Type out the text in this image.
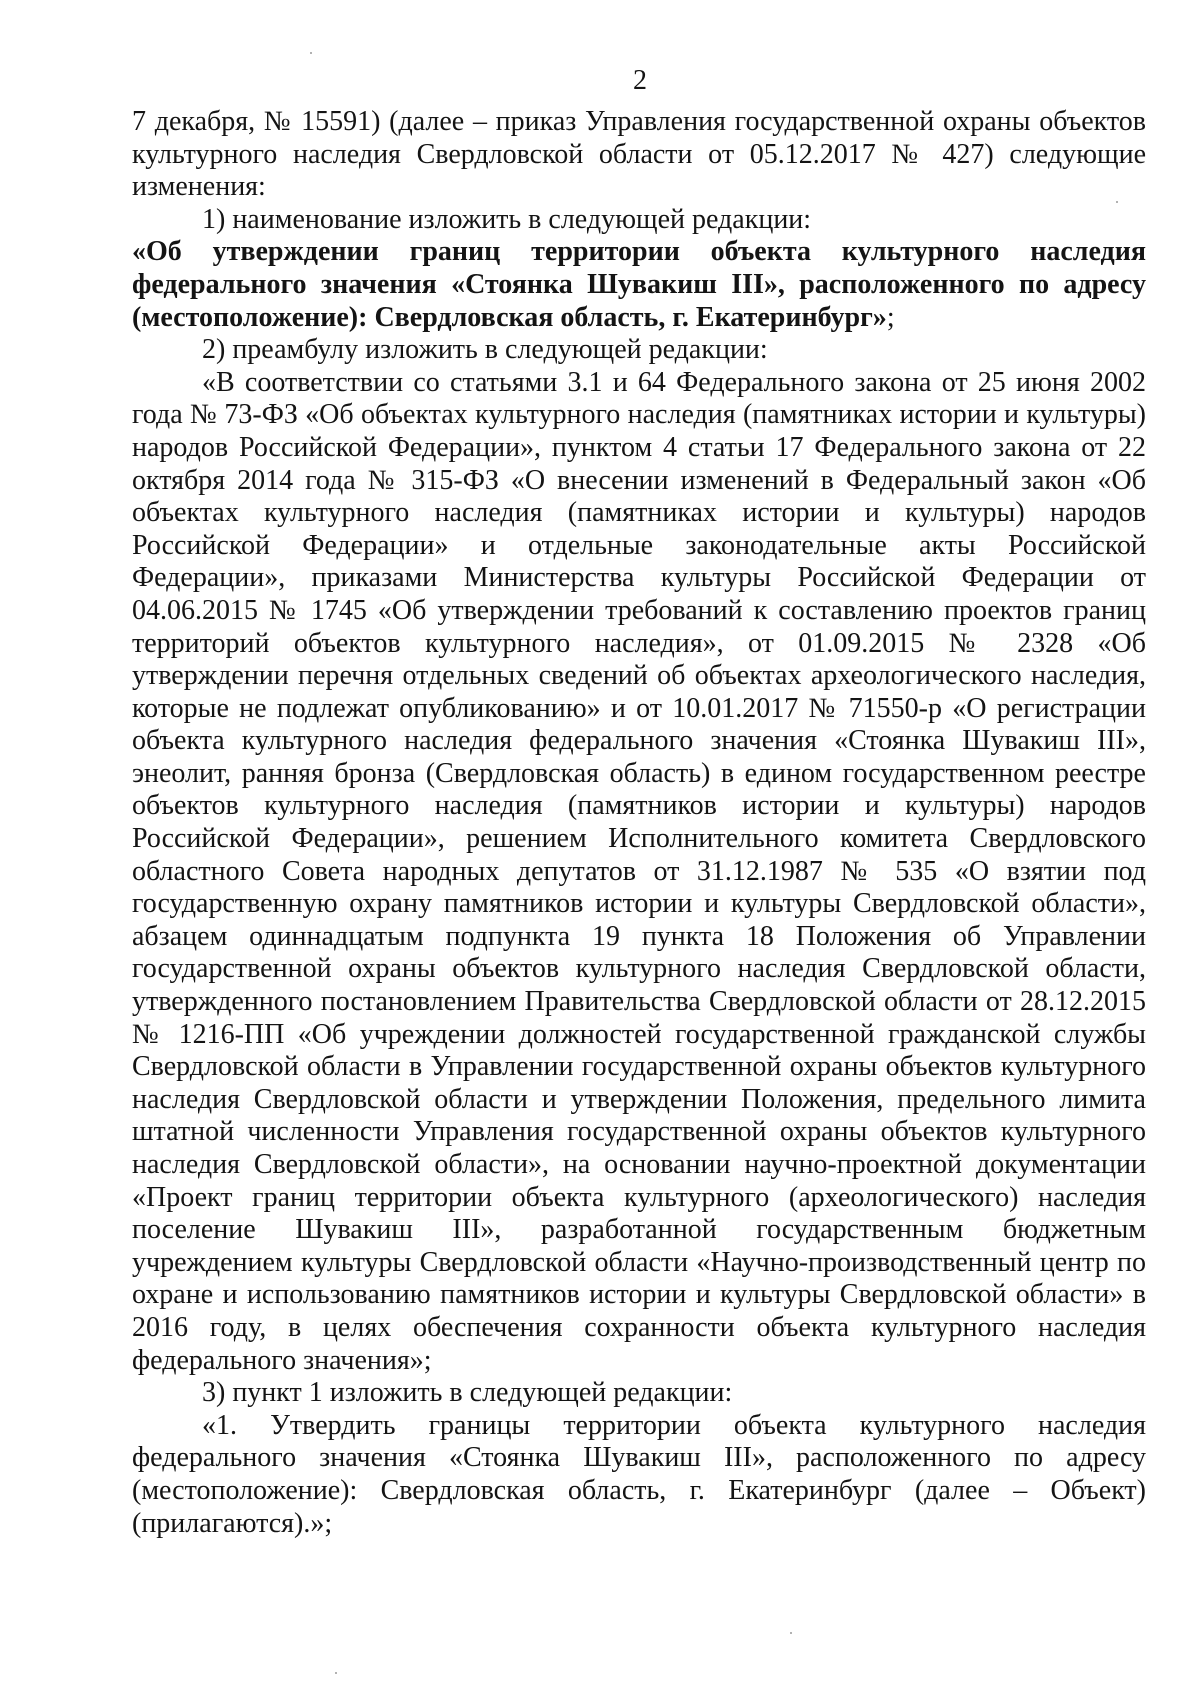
2

7 декабря, № 15591) (далее – приказ Управления государственной охраны объектов культурного наследия Свердловской области от 05.12.2017 № 427) следующие изменения:

1) наименование изложить в следующей редакции:

«Об утверждении границ территории объекта культурного наследия федерального значения «Стоянка Шувакиш III», расположенного по адресу (местоположение): Свердловская область, г. Екатеринбург»;

2) преамбулу изложить в следующей редакции:

«В соответствии со статьями 3.1 и 64 Федерального закона от 25 июня 2002 года № 73-ФЗ «Об объектах культурного наследия (памятниках истории и культуры) народов Российской Федерации», пунктом 4 статьи 17 Федерального закона от 22 октября 2014 года № 315-ФЗ «О внесении изменений в Федеральный закон «Об объектах культурного наследия (памятниках истории и культуры) народов Российской Федерации» и отдельные законодательные акты Российской Федерации», приказами Министерства культуры Российской Федерации от 04.06.2015 № 1745 «Об утверждении требований к составлению проектов границ территорий объектов культурного наследия», от 01.09.2015 № 2328 «Об утверждении перечня отдельных сведений об объектах археологического наследия, которые не подлежат опубликованию» и от 10.01.2017 № 71550-р «О регистрации объекта культурного наследия федерального значения «Стоянка Шувакиш III», энеолит, ранняя бронза (Свердловская область) в едином государственном реестре объектов культурного наследия (памятников истории и культуры) народов Российской Федерации», решением Исполнительного комитета Свердловского областного Совета народных депутатов от 31.12.1987 № 535 «О взятии под государственную охрану памятников истории и культуры Свердловской области», абзацем одиннадцатым подпункта 19 пункта 18 Положения об Управлении государственной охраны объектов культурного наследия Свердловской области, утвержденного постановлением Правительства Свердловской области от 28.12.2015 № 1216-ПП «Об учреждении должностей государственной гражданской службы Свердловской области в Управлении государственной охраны объектов культурного наследия Свердловской области и утверждении Положения, предельного лимита штатной численности Управления государственной охраны объектов культурного наследия Свердловской области», на основании научно-проектной документации «Проект границ территории объекта культурного (археологического) наследия поселение Шувакиш III», разработанной государственным бюджетным учреждением культуры Свердловской области «Научно-производственный центр по охране и использованию памятников истории и культуры Свердловской области» в 2016 году, в целях обеспечения сохранности объекта культурного наследия федерального значения»;

3) пункт 1 изложить в следующей редакции:

«1. Утвердить границы территории объекта культурного наследия федерального значения «Стоянка Шувакиш III», расположенного по адресу (местоположение): Свердловская область, г. Екатеринбург (далее – Объект) (прилагаются).»;
